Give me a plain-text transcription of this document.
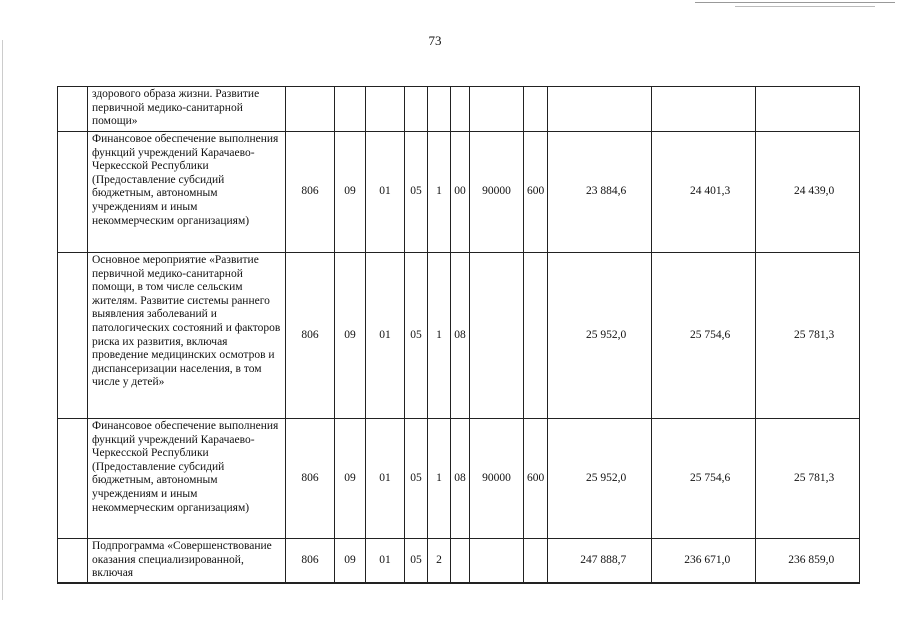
73
	здорового образа жизни. Развитие первичной медико-санитарной помощи»											
	Финансовое обеспечение выполнения функций учреждений Карачаево-Черкесской Республики (Предоставление субсидий бюджетным, автономным учреждениям и иным некоммерческим организациям)	806	09	01	05	1	00	90000	600	23 884,6	24 401,3	24 439,0
	Основное мероприятие «Развитие первичной медико-санитарной помощи, в том числе сельским жителям. Развитие системы раннего выявления заболеваний и патологических состояний и факторов риска их развития, включая проведение медицинских осмотров и диспансеризации населения, в том числе у детей»	806	09	01	05	1	08			25 952,0	25 754,6	25 781,3
	Финансовое обеспечение выполнения функций учреждений Карачаево-Черкесской Республики (Предоставление субсидий бюджетным, автономным учреждениям и иным некоммерческим организациям)	806	09	01	05	1	08	90000	600	25 952,0	25 754,6	25 781,3
	Подпрограмма «Совершенствование оказания специализированной, включая	806	09	01	05	2				247 888,7	236 671,0	236 859,0
